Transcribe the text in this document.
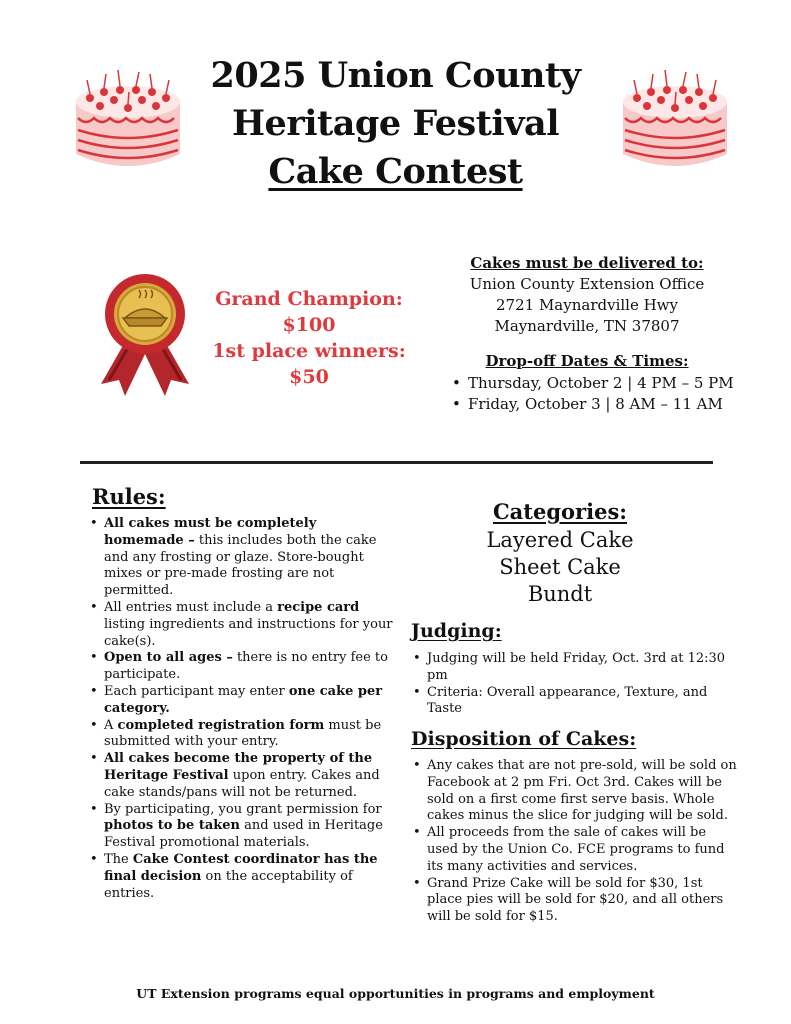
2025 Union County
Heritage Festival
Cake Contest
Grand Champion:
$100
1st place winners:
$50
Cakes must be delivered to:
Union County Extension Office
2721 Maynardville Hwy
Maynardville, TN 37807
Drop-off Dates & Times:
• Thursday, October 2 | 4 PM – 5 PM
• Friday, October 3 | 8 AM – 11 AM
Rules:
• All cakes must be completely homemade – this includes both the cake and any frosting or glaze. Store-bought mixes or pre-made frosting are not permitted.
• All entries must include a recipe card listing ingredients and instructions for your cake(s).
• Open to all ages – there is no entry fee to participate.
• Each participant may enter one cake per category.
• A completed registration form must be submitted with your entry.
• All cakes become the property of the Heritage Festival upon entry. Cakes and cake stands/pans will not be returned.
• By participating, you grant permission for photos to be taken and used in Heritage Festival promotional materials.
• The Cake Contest coordinator has the final decision on the acceptability of entries.
Categories:
Layered Cake
Sheet Cake
Bundt
Judging:
• Judging will be held Friday, Oct. 3rd at 12:30 pm
• Criteria: Overall appearance, Texture, and Taste
Disposition of Cakes:
• Any cakes that are not pre-sold, will be sold on Facebook at 2 pm Fri. Oct 3rd. Cakes will be sold on a first come first serve basis. Whole cakes minus the slice for judging will be sold.
• All proceeds from the sale of cakes will be used by the Union Co. FCE programs to fund its many activities and services.
• Grand Prize Cake will be sold for $30, 1st place pies will be sold for $20, and all others will be sold for $15.
UT Extension programs equal opportunities in programs and employment
